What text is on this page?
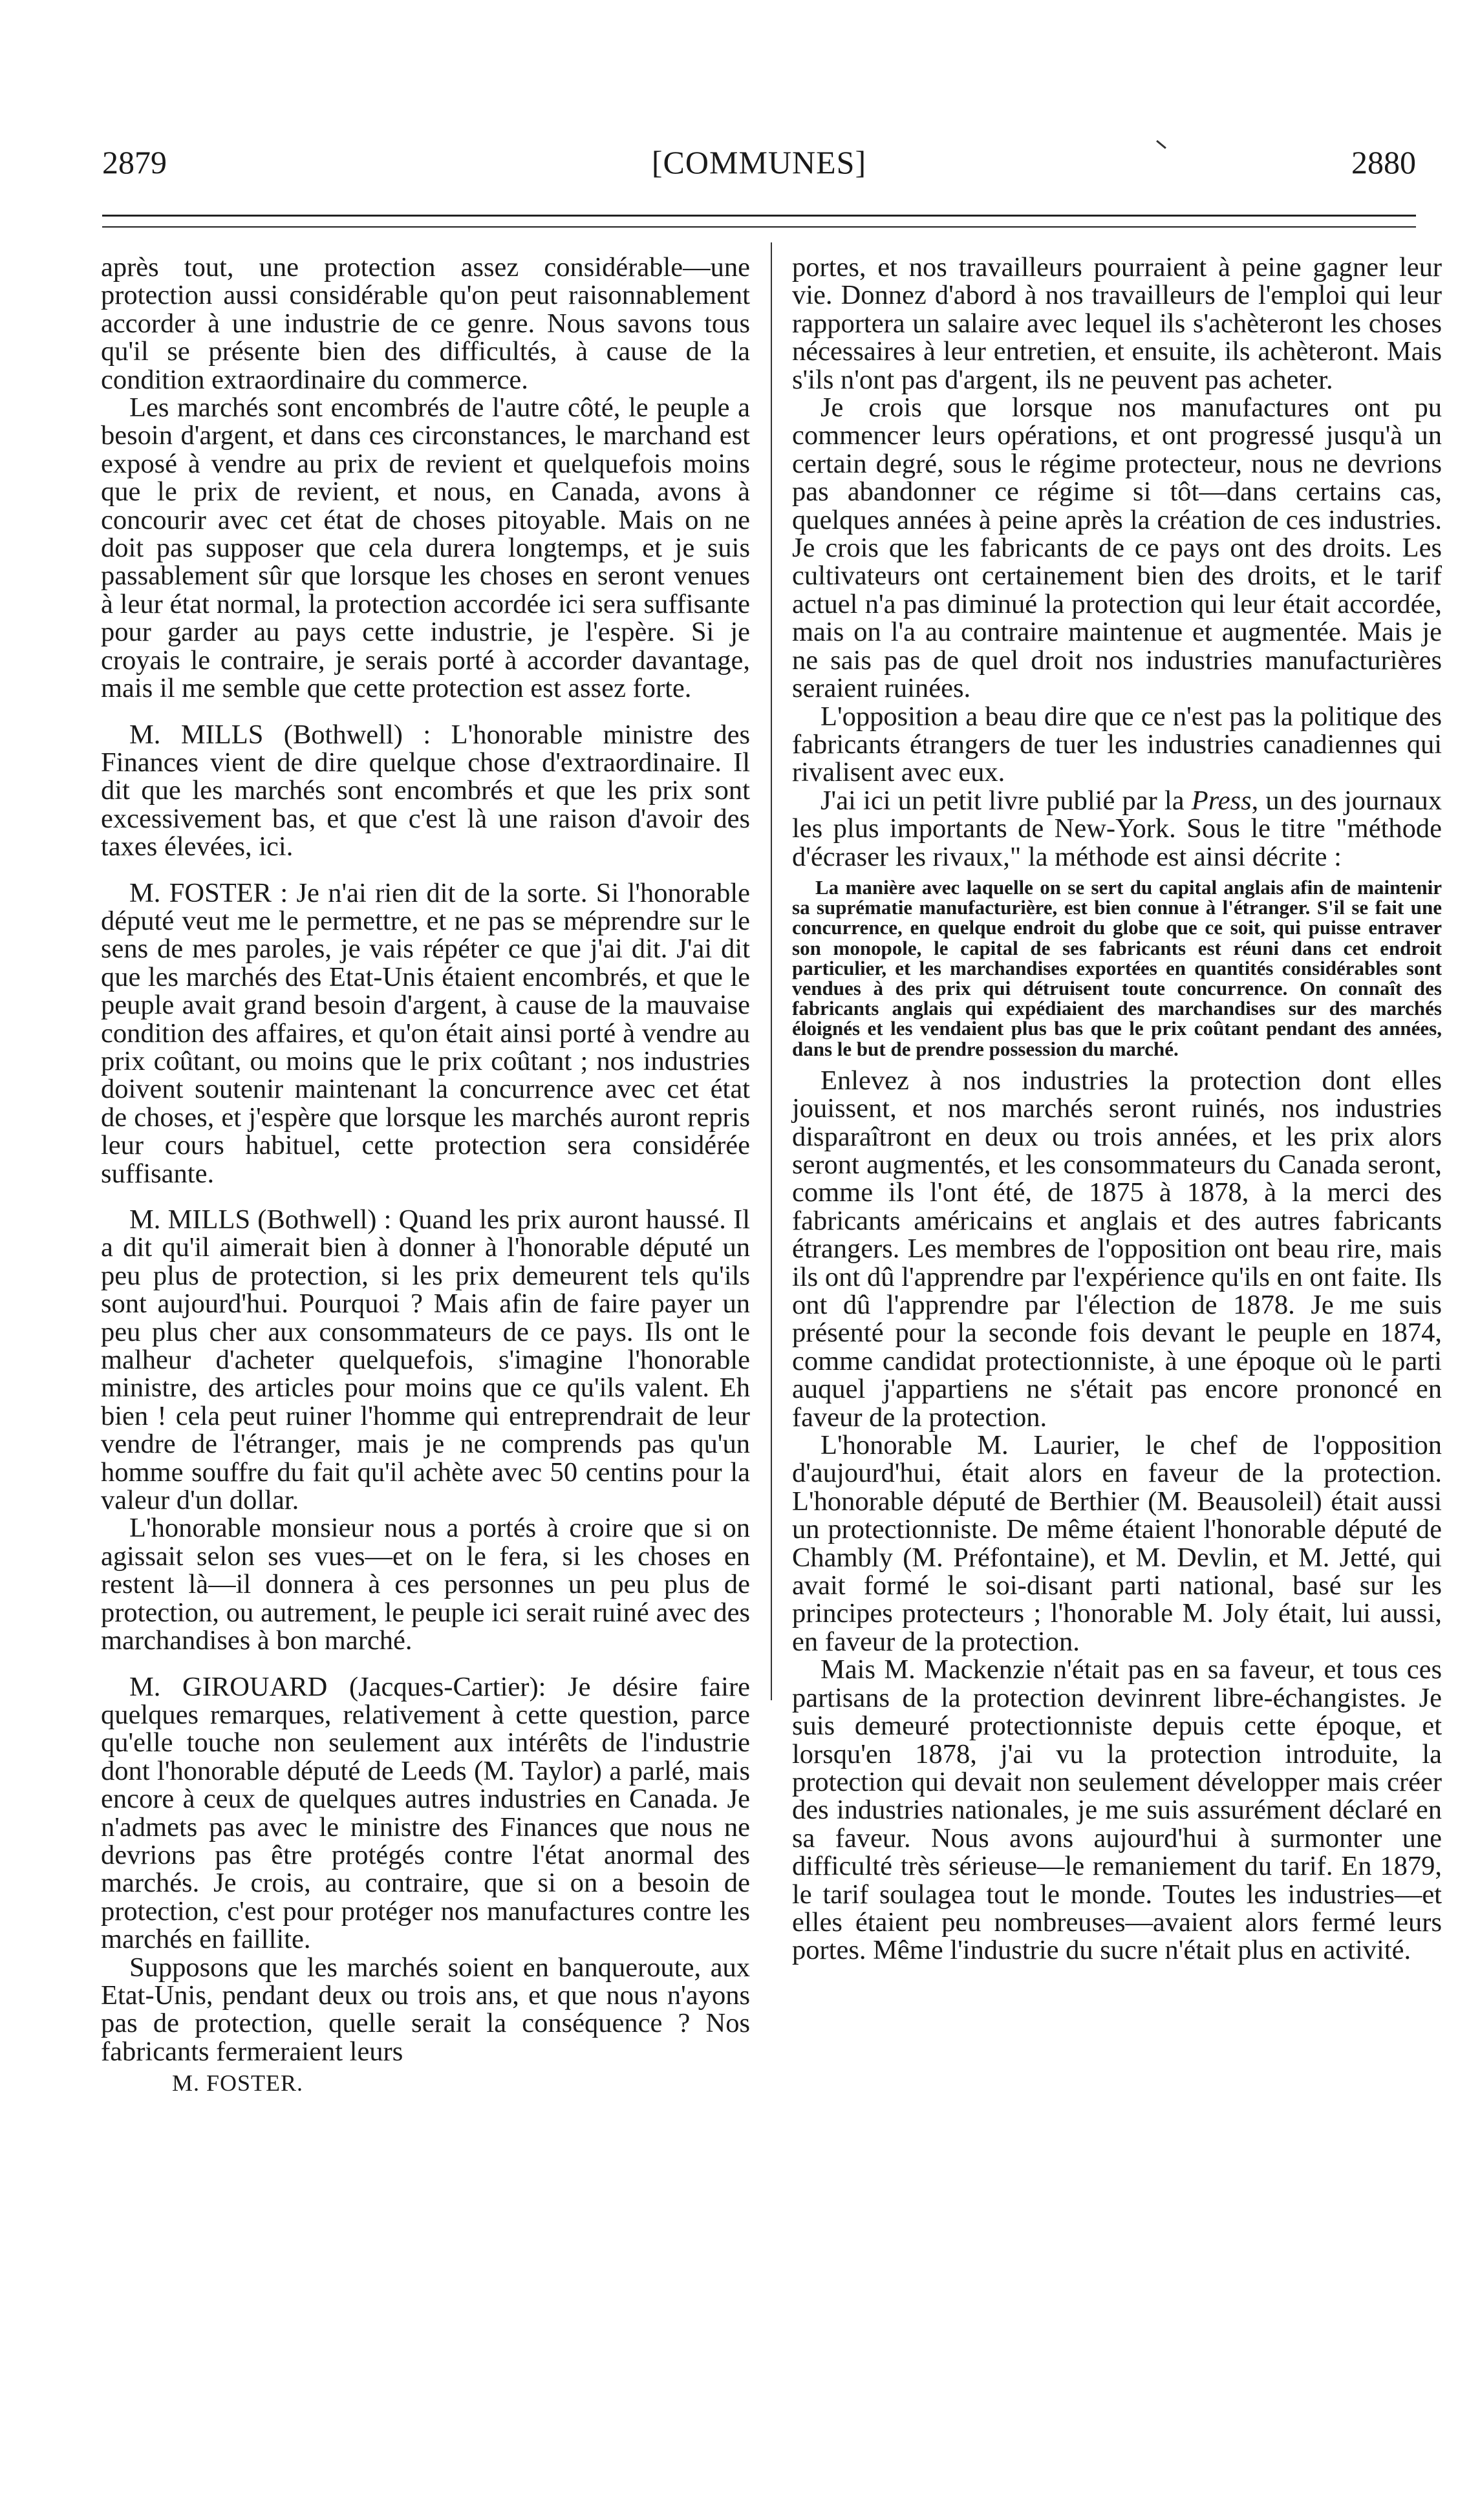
2879	[COMMUNES]	2880

après tout, une protection assez considérable—une protection aussi considérable qu'on peut raisonnablement accorder à une industrie de ce genre. Nous savons tous qu'il se présente bien des difficultés, à cause de la condition extraordinaire du commerce.

Les marchés sont encombrés de l'autre côté, le peuple a besoin d'argent, et dans ces circonstances, le marchand est exposé à vendre au prix de revient et quelquefois moins que le prix de revient, et nous, en Canada, avons à concourir avec cet état de choses pitoyable. Mais on ne doit pas supposer que cela durera longtemps, et je suis passablement sûr que lorsque les choses en seront venues à leur état normal, la protection accordée ici sera suffisante pour garder au pays cette industrie, je l'espère. Si je croyais le contraire, je serais porté à accorder davantage, mais il me semble que cette protection est assez forte.

M. MILLS (Bothwell) : L'honorable ministre des Finances vient de dire quelque chose d'extraordinaire. Il dit que les marchés sont encombrés et que les prix sont excessivement bas, et que c'est là une raison d'avoir des taxes élevées, ici.

M. FOSTER : Je n'ai rien dit de la sorte. Si l'honorable député veut me le permettre, et ne pas se méprendre sur le sens de mes paroles, je vais répéter ce que j'ai dit. J'ai dit que les marchés des Etat-Unis étaient encombrés, et que le peuple avait grand besoin d'argent, à cause de la mauvaise condition des affaires, et qu'on était ainsi porté à vendre au prix coûtant, ou moins que le prix coûtant ; nos industries doivent soutenir maintenant la concurrence avec cet état de choses, et j'espère que lorsque les marchés auront repris leur cours habituel, cette protection sera considérée suffisante.

M. MILLS (Bothwell) : Quand les prix auront haussé. Il a dit qu'il aimerait bien à donner à l'honorable député un peu plus de protection, si les prix demeurent tels qu'ils sont aujourd'hui. Pourquoi ? Mais afin de faire payer un peu plus cher aux consommateurs de ce pays. Ils ont le malheur d'acheter quelquefois, s'imagine l'honorable ministre, des articles pour moins que ce qu'ils valent. Eh bien ! cela peut ruiner l'homme qui entreprendrait de leur vendre de l'étranger, mais je ne comprends pas qu'un homme souffre du fait qu'il achète avec 50 centins pour la valeur d'un dollar.

L'honorable monsieur nous a portés à croire que si on agissait selon ses vues—et on le fera, si les choses en restent là—il donnera à ces personnes un peu plus de protection, ou autrement, le peuple ici serait ruiné avec des marchandises à bon marché.

M. GIROUARD (Jacques-Cartier): Je désire faire quelques remarques, relativement à cette question, parce qu'elle touche non seulement aux intérêts de l'industrie dont l'honorable député de Leeds (M. Taylor) a parlé, mais encore à ceux de quelques autres industries en Canada. Je n'admets pas avec le ministre des Finances que nous ne devrions pas être protégés contre l'état anormal des marchés. Je crois, au contraire, que si on a besoin de protection, c'est pour protéger nos manufactures contre les marchés en faillite.

Supposons que les marchés soient en banqueroute, aux Etat-Unis, pendant deux ou trois ans, et que nous n'ayons pas de protection, quelle serait la conséquence ? Nos fabricants fermeraient leurs

M. FOSTER.

portes, et nos travailleurs pourraient à peine gagner leur vie. Donnez d'abord à nos travailleurs de l'emploi qui leur rapportera un salaire avec lequel ils s'achèteront les choses nécessaires à leur entretien, et ensuite, ils achèteront. Mais s'ils n'ont pas d'argent, ils ne peuvent pas acheter.

Je crois que lorsque nos manufactures ont pu commencer leurs opérations, et ont progressé jusqu'à un certain degré, sous le régime protecteur, nous ne devrions pas abandonner ce régime si tôt—dans certains cas, quelques années à peine après la création de ces industries. Je crois que les fabricants de ce pays ont des droits. Les cultivateurs ont certainement bien des droits, et le tarif actuel n'a pas diminué la protection qui leur était accordée, mais on l'a au contraire maintenue et augmentée. Mais je ne sais pas de quel droit nos industries manufacturières seraient ruinées.

L'opposition a beau dire que ce n'est pas la politique des fabricants étrangers de tuer les industries canadiennes qui rivalisent avec eux.

J'ai ici un petit livre publié par la Press, un des journaux les plus importants de New-York. Sous le titre "méthode d'écraser les rivaux," la méthode est ainsi décrite :

La manière avec laquelle on se sert du capital anglais afin de maintenir sa suprématie manufacturière, est bien connue à l'étranger. S'il se fait une concurrence, en quelque endroit du globe que ce soit, qui puisse entraver son monopole, le capital de ses fabricants est réuni dans cet endroit particulier, et les marchandises exportées en quantités considérables sont vendues à des prix qui détruisent toute concurrence. On connaît des fabricants anglais qui expédiaient des marchandises sur des marchés éloignés et les vendaient plus bas que le prix coûtant pendant des années, dans le but de prendre possession du marché.

Enlevez à nos industries la protection dont elles jouissent, et nos marchés seront ruinés, nos industries disparaîtront en deux ou trois années, et les prix alors seront augmentés, et les consommateurs du Canada seront, comme ils l'ont été, de 1875 à 1878, à la merci des fabricants américains et anglais et des autres fabricants étrangers. Les membres de l'opposition ont beau rire, mais ils ont dû l'apprendre par l'expérience qu'ils en ont faite. Ils ont dû l'apprendre par l'élection de 1878. Je me suis présenté pour la seconde fois devant le peuple en 1874, comme candidat protectionniste, à une époque où le parti auquel j'appartiens ne s'était pas encore prononcé en faveur de la protection.

L'honorable M. Laurier, le chef de l'opposition d'aujourd'hui, était alors en faveur de la protection. L'honorable député de Berthier (M. Beausoleil) était aussi un protectionniste. De même étaient l'honorable député de Chambly (M. Préfontaine), et M. Devlin, et M. Jetté, qui avait formé le soi-disant parti national, basé sur les principes protecteurs ; l'honorable M. Joly était, lui aussi, en faveur de la protection.

Mais M. Mackenzie n'était pas en sa faveur, et tous ces partisans de la protection devinrent libre-échangistes. Je suis demeuré protectionniste depuis cette époque, et lorsqu'en 1878, j'ai vu la protection introduite, la protection qui devait non seulement développer mais créer des industries nationales, je me suis assurément déclaré en sa faveur. Nous avons aujourd'hui à surmonter une difficulté très sérieuse—le remaniement du tarif. En 1879, le tarif soulagea tout le monde. Toutes les industries—et elles étaient peu nombreuses—avaient alors fermé leurs portes. Même l'industrie du sucre n'était plus en activité.
